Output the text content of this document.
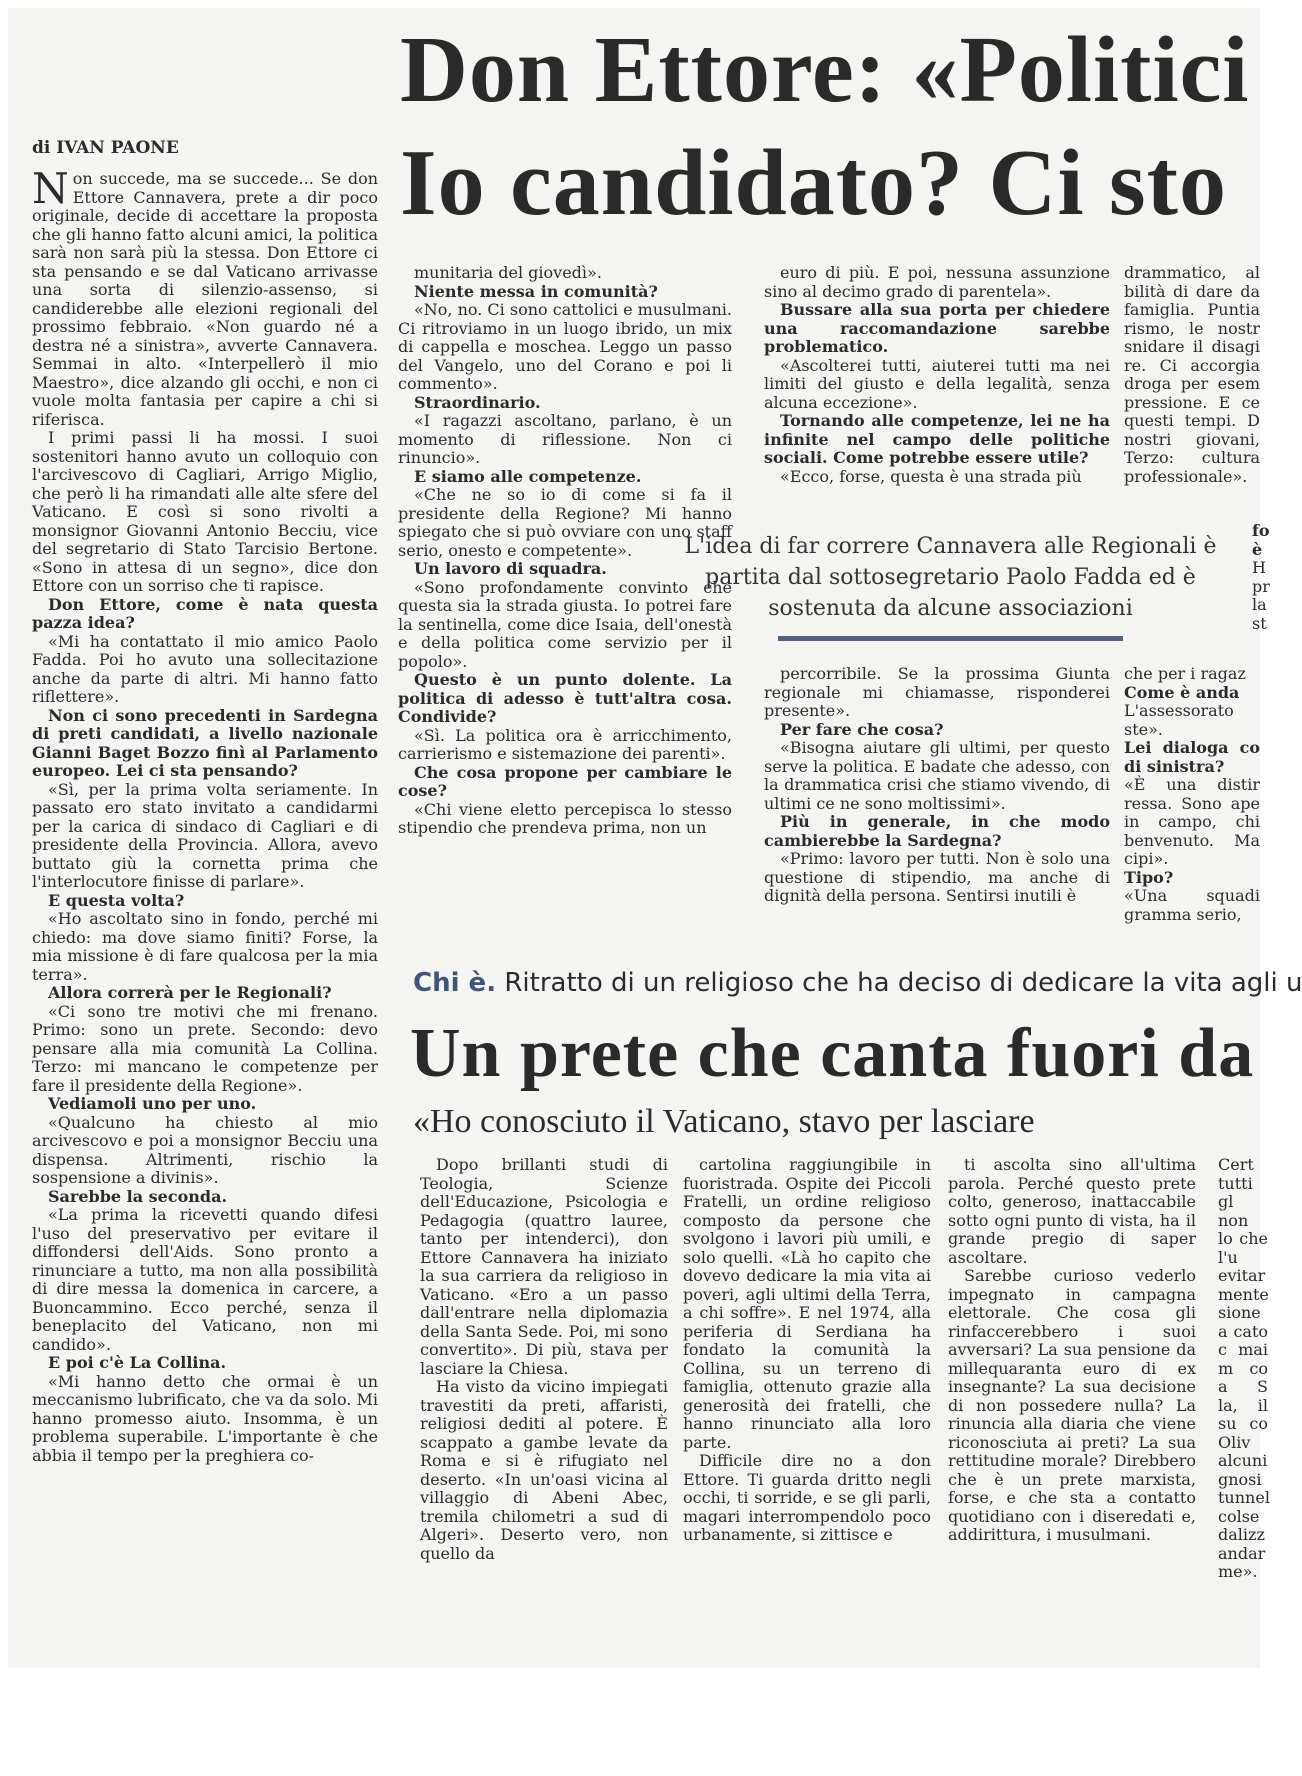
Don Ettore: «Politici
Io candidato? Ci sto
di IVAN PAONE

Non succede, ma se succede... Se don Ettore Cannavera, prete a dir poco originale, decide di accettare la proposta che gli hanno fatto alcuni amici, la politica sarà non sarà più la stessa. Don Ettore ci sta pensando e se dal Vaticano arrivasse una sorta di silenzio-assenso, si candiderebbe alle elezioni regionali del prossimo febbraio. «Non guardo né a destra né a sinistra», avverte Cannavera. Semmai in alto. «Interpellerò il mio Maestro», dice alzando gli occhi, e non ci vuole molta fantasia per capire a chi si riferisca.

I primi passi li ha mossi. I suoi sostenitori hanno avuto un colloquio con l'arcivescovo di Cagliari, Arrigo Miglio, che però li ha rimandati alle alte sfere del Vaticano. E così si sono rivolti a monsignor Giovanni Antonio Becciu, vice del segretario di Stato Tarcisio Bertone. «Sono in attesa di un segno», dice don Ettore con un sorriso che ti rapisce.

Don Ettore, come è nata questa pazza idea?

«Mi ha contattato il mio amico Paolo Fadda. Poi ho avuto una sollecitazione anche da parte di altri. Mi hanno fatto riflettere».

Non ci sono precedenti in Sardegna di preti candidati, a livello nazionale Gianni Baget Bozzo finì al Parlamento europeo. Lei ci sta pensando?

«Sì, per la prima volta seriamente. In passato ero stato invitato a candidarmi per la carica di sindaco di Cagliari e di presidente della Provincia. Allora, avevo buttato giù la cornetta prima che l'interlocutore finisse di parlare».

E questa volta?

«Ho ascoltato sino in fondo, perché mi chiedo: ma dove siamo finiti? Forse, la mia missione è di fare qualcosa per la mia terra».

Allora correrà per le Regionali?

«Ci sono tre motivi che mi frenano. Primo: sono un prete. Secondo: devo pensare alla mia comunità La Collina. Terzo: mi mancano le competenze per fare il presidente della Regione».

Vediamoli uno per uno.

«Qualcuno ha chiesto al mio arcivescovo e poi a monsignor Becciu una dispensa. Altrimenti, rischio la sospensione a divinis».

Sarebbe la seconda.

«La prima la ricevetti quando difesi l'uso del preservativo per evitare il diffondersi dell'Aids. Sono pronto a rinunciare a tutto, ma non alla possibilità di dire messa la domenica in carcere, a Buoncammino. Ecco perché, senza il beneplacito del Vaticano, non mi candido».

E poi c'è La Collina.

«Mi hanno detto che ormai è un meccanismo lubrificato, che va da solo. Mi hanno promesso aiuto. Insomma, è un problema superabile. L'importante è che abbia il tempo per la preghiera co-

munitaria del giovedì».

Niente messa in comunità?

«No, no. Ci sono cattolici e musulmani. Ci ritroviamo in un luogo ibrido, un mix di cappella e moschea. Leggo un passo del Vangelo, uno del Corano e poi li commento».

Straordinario.

«I ragazzi ascoltano, parlano, è un momento di riflessione. Non ci rinuncio».

E siamo alle competenze.

«Che ne so io di come si fa il presidente della Regione? Mi hanno spiegato che si può ovviare con uno staff serio, onesto e competente».

Un lavoro di squadra.

«Sono profondamente convinto che questa sia la strada giusta. Io potrei fare la sentinella, come dice Isaia, dell'onestà e della politica come servizio per il popolo».

Questo è un punto dolente. La politica di adesso è tutt'altra cosa. Condivide?

«Sì. La politica ora è arricchimento, carrierismo e sistemazione dei parenti».

Che cosa propone per cambiare le cose?

«Chi viene eletto percepisca lo stesso stipendio che prendeva prima, non un

euro di più. E poi, nessuna assunzione sino al decimo grado di parentela».

Bussare alla sua porta per chiedere una raccomandazione sarebbe problematico.

«Ascolterei tutti, aiuterei tutti ma nei limiti del giusto e della legalità, senza alcuna eccezione».

Tornando alle competenze, lei ne ha infinite nel campo delle politiche sociali. Come potrebbe essere utile?

«Ecco, forse, questa è una strada più

drammatico, al bilità di dare da famiglia. Puntia rismo, le nostr snidare il disagi re. Ci accorgia droga per esem pressione. E ce questi tempi. D nostri giovani, Terzo: cultura professionale».

L'idea di far correre Cannavera alle Regionali è partita dal sottosegretario Paolo Fadda ed è sostenuta da alcune associazioni

fo è

H pr la st

percorribile. Se la prossima Giunta regionale mi chiamasse, risponderei presente».

Per fare che cosa?

«Bisogna aiutare gli ultimi, per questo serve la politica. E badate che adesso, con la drammatica crisi che stiamo vivendo, di ultimi ce ne sono moltissimi».

Più in generale, in che modo cambierebbe la Sardegna?

«Primo: lavoro per tutti. Non è solo una questione di stipendio, ma anche di dignità della persona. Sentirsi inutili è

che per i ragaz

Come è anda

L'assessorato ste».

Lei dialoga co di sinistra?

«È una distir ressa. Sono ape in campo, chi benvenuto. Ma cipi».

Tipo?

«Una squadi gramma serio,

Chi è. Ritratto di un religioso che ha deciso di dedicare la vita agli u
Un prete che canta fuori da
«Ho conosciuto il Vaticano, stavo per lasciare

Dopo brillanti studi di Teologia, Scienze dell'Educazione, Psicologia e Pedagogia (quattro lauree, tanto per intenderci), don Ettore Cannavera ha iniziato la sua carriera da religioso in Vaticano. «Ero a un passo dall'entrare nella diplomazia della Santa Sede. Poi, mi sono convertito». Di più, stava per lasciare la Chiesa.

Ha visto da vicino impiegati travestiti da preti, affaristi, religiosi dediti al potere. È scappato a gambe levate da Roma e si è rifugiato nel deserto. «In un'oasi vicina al villaggio di Abeni Abec, tremila chilometri a sud di Algeri». Deserto vero, non quello da

cartolina raggiungibile in fuoristrada. Ospite dei Piccoli Fratelli, un ordine religioso composto da persone che svolgono i lavori più umili, e solo quelli. «Là ho capito che dovevo dedicare la mia vita ai poveri, agli ultimi della Terra, a chi soffre». E nel 1974, alla periferia di Serdiana ha fondato la comunità la Collina, su un terreno di famiglia, ottenuto grazie alla generosità dei fratelli, che hanno rinunciato alla loro parte.

Difficile dire no a don Ettore. Ti guarda dritto negli occhi, ti sorride, e se gli parli, magari interrompendolo poco urbanamente, si zittisce e

ti ascolta sino all'ultima parola. Perché questo prete colto, generoso, inattaccabile sotto ogni punto di vista, ha il grande pregio di saper ascoltare.

Sarebbe curioso vederlo impegnato in campagna elettorale. Che cosa gli rinfaccerebbero i suoi avversari? La sua pensione da millequaranta euro di ex insegnante? La sua decisione di non possedere nulla? La rinuncia alla diaria che viene riconosciuta ai preti? La sua rettitudine morale? Direbbero che è un prete marxista, forse, e che sta a contatto quotidiano con i diseredati e, addirittura, i musulmani.

Cert tutti gl non lo che l'u evitar mente sione a cato c mai m co a S la, il su co Oliv alcuni gnosi tunnel colse dalizz andar me».
